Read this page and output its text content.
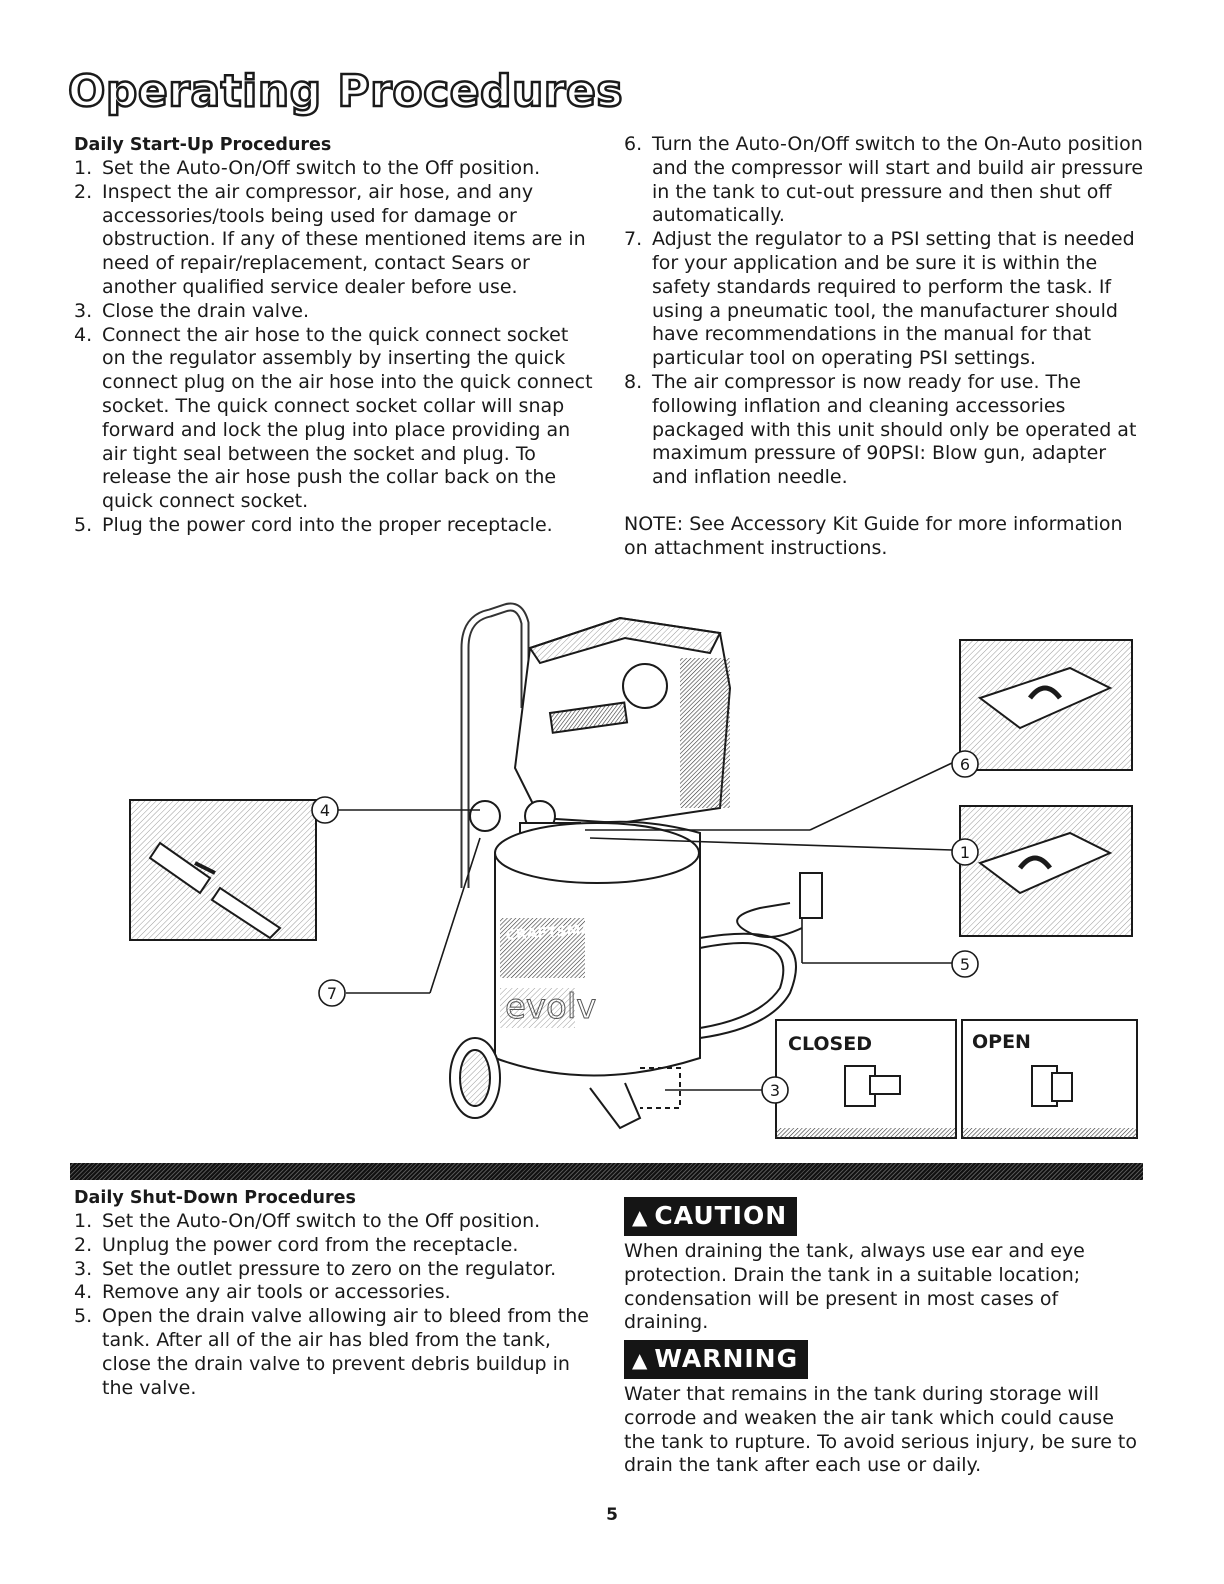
Operating Procedures
Daily Start-Up Procedures
1. Set the Auto-On/Off switch to the Off position.
2. Inspect the air compressor, air hose, and any accessories/tools being used for damage or obstruction. If any of these mentioned items are in need of repair/replacement, contact Sears or another qualified service dealer before use.
3. Close the drain valve.
4. Connect the air hose to the quick connect socket on the regulator assembly by inserting the quick connect plug on the air hose into the quick connect socket. The quick connect socket collar will snap forward and lock the plug into place providing an air tight seal between the socket and plug. To release the air hose push the collar back on the quick connect socket.
5. Plug the power cord into the proper receptacle.
6. Turn the Auto-On/Off switch to the On-Auto position and the compressor will start and build air pressure in the tank to cut-out pressure and then shut off automatically.
7. Adjust the regulator to a PSI setting that is needed for your application and be sure it is within the safety standards required to perform the task. If using a pneumatic tool, the manufacturer should have recommendations in the manual for that particular tool on operating PSI settings.
8. The air compressor is now ready for use. The following inflation and cleaning accessories packaged with this unit should only be operated at maximum pressure of 90PSI: Blow gun, adapter and inflation needle.

NOTE: See Accessory Kit Guide for more information on attachment instructions.

CLOSED	OPEN
4
7
6
1
5
3
CRAFTSMAN
evolv
Daily Shut-Down Procedures
1. Set the Auto-On/Off switch to the Off position.
2. Unplug the power cord from the receptacle.
3. Set the outlet pressure to zero on the regulator.
4. Remove any air tools or accessories.
5. Open the drain valve allowing air to bleed from the tank. After all of the air has bled from the tank, close the drain valve to prevent debris buildup in the valve.
▲ CAUTION

When draining the tank, always use ear and eye protection. Drain the tank in a suitable location; condensation will be present in most cases of draining.

▲ WARNING

Water that remains in the tank during storage will corrode and weaken the air tank which could cause the tank to rupture. To avoid serious injury, be sure to drain the tank after each use or daily.

5
